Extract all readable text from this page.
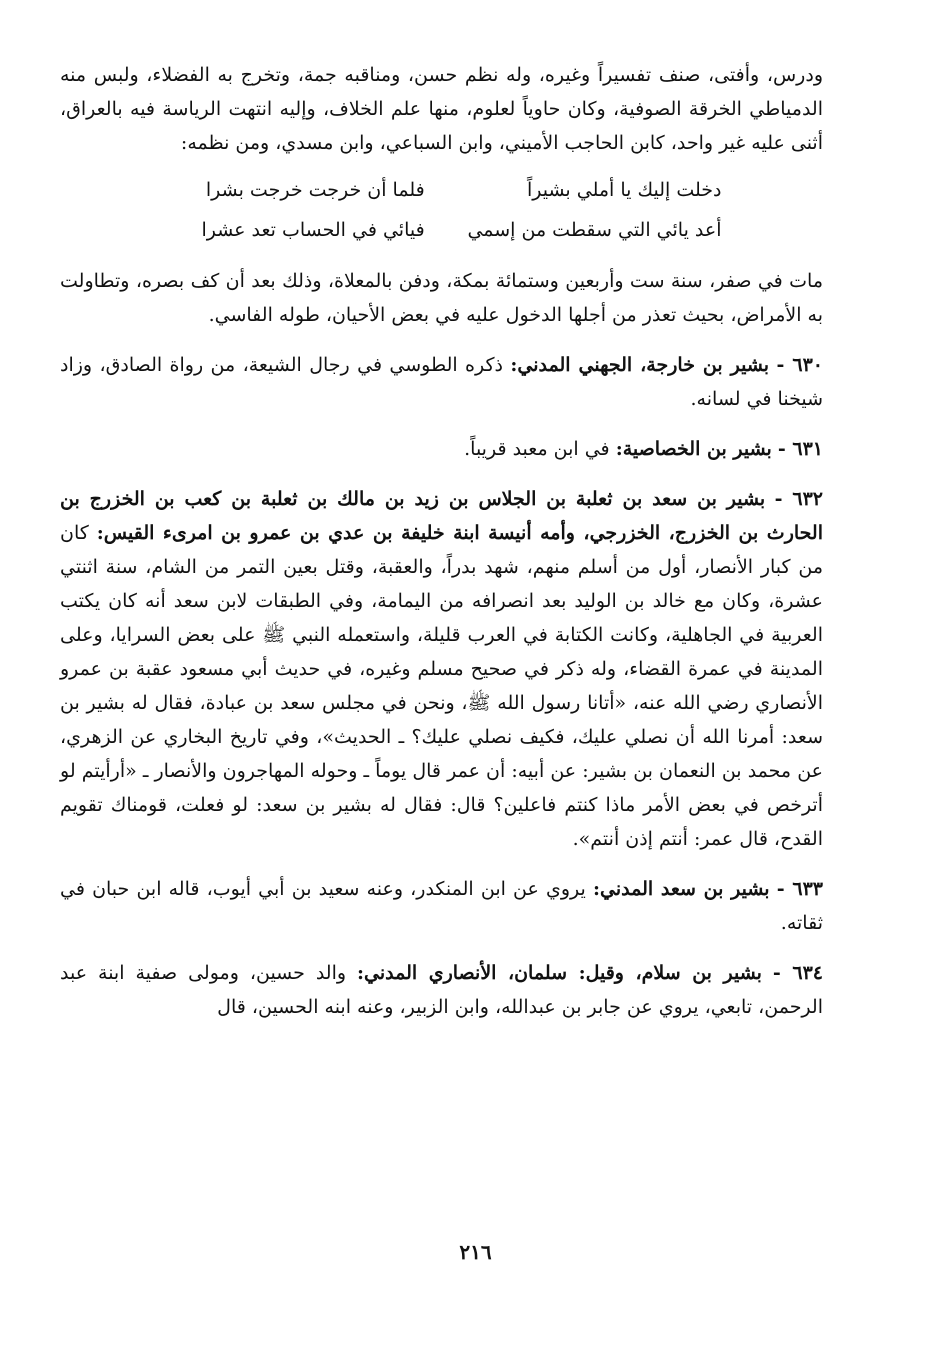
ودرس، وأفتى، صنف تفسيراً وغيره، وله نظم حسن، ومناقبه جمة، وتخرج به الفضلاء، ولبس منه الدمياطي الخرقة الصوفية، وكان حاوياً لعلوم، منها علم الخلاف، وإليه انتهت الرياسة فيه بالعراق، أثنى عليه غير واحد، كابن الحاجب الأميني، وابن السباعي، وابن مسدي، ومن نظمه:

دخلت إليك يا أملي بشيراً
فلما أن خرجت خرجت بشرا
أعد يائي التي سقطت من إسمي
فيائي في الحساب تعد عشرا

مات في صفر، سنة ست وأربعين وستمائة بمكة، ودفن بالمعلاة، وذلك بعد أن كف بصره، وتطاولت به الأمراض، بحيث تعذر من أجلها الدخول عليه في بعض الأحيان، طوله الفاسي.

٦٣٠ - بشير بن خارجة، الجهني المدني: ذكره الطوسي في رجال الشيعة، من رواة الصادق، وزاد شيخنا في لسانه.

٦٣١ - بشير بن الخصاصية: في ابن معبد قريباً.

٦٣٢ - بشير بن سعد بن ثعلبة بن الجلاس بن زيد بن مالك بن ثعلبة بن كعب بن الخزرج بن الحارث بن الخزرج، الخزرجي، وأمه أنيسة ابنة خليفة بن عدي بن عمرو بن امرىء القيس: كان من كبار الأنصار، أول من أسلم منهم، شهد بدراً، والعقبة، وقتل بعين التمر من الشام، سنة اثنتي عشرة، وكان مع خالد بن الوليد بعد انصرافه من اليمامة، وفي الطبقات لابن سعد أنه كان يكتب العربية في الجاهلية، وكانت الكتابة في العرب قليلة، واستعمله النبي ﷺ على بعض السرايا، وعلى المدينة في عمرة القضاء، وله ذكر في صحيح مسلم وغيره، في حديث أبي مسعود عقبة بن عمرو الأنصاري رضي الله عنه، «أتانا رسول الله ﷺ، ونحن في مجلس سعد بن عبادة، فقال له بشير بن سعد: أمرنا الله أن نصلي عليك، فكيف نصلي عليك؟ ـ الحديث»، وفي تاريخ البخاري عن الزهري، عن محمد بن النعمان بن بشير: عن أبيه: أن عمر قال يوماً ـ وحوله المهاجرون والأنصار ـ «أرأيتم لو أترخص في بعض الأمر ماذا كنتم فاعلين؟ قال: فقال له بشير بن سعد: لو فعلت، قومناك تقويم القدح، قال عمر: أنتم إذن أنتم».

٦٣٣ - بشير بن سعد المدني: يروي عن ابن المنكدر، وعنه سعيد بن أبي أيوب، قاله ابن حبان في ثقاته.

٦٣٤ - بشير بن سلام، وقيل: سلمان، الأنصاري المدني: والد حسين، ومولى صفية ابنة عبد الرحمن، تابعي، يروي عن جابر بن عبدالله، وابن الزبير، وعنه ابنه الحسين، قال

٢١٦
